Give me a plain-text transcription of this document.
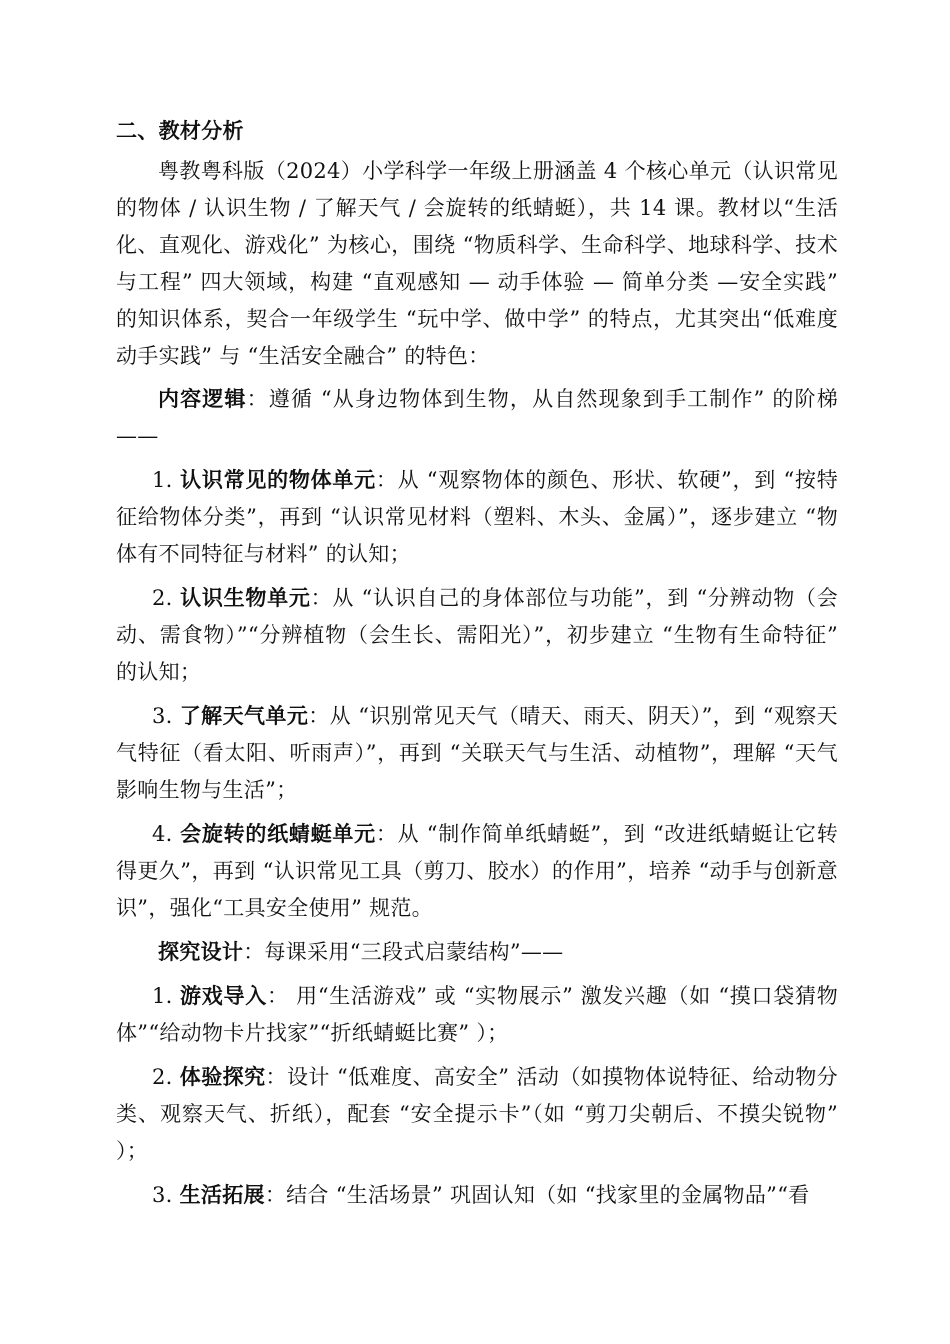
二、教材分析

粤教粤科版（2024）小学科学一年级上册涵盖 4 个核心单元（认识常见的物体 / 认识生物 / 了解天气 / 会旋转的纸蜻蜓），共 14 课。教材以“生活化、直观化、游戏化” 为核心，围绕 “物质科学、生命科学、地球科学、技术与工程” 四大领域，构建 “直观感知 — 动手体验 — 简单分类 —安全实践” 的知识体系，契合一年级学生 “玩中学、做中学” 的特点，尤其突出“低难度动手实践” 与 “生活安全融合” 的特色：

内容逻辑：遵循 “从身边物体到生物，从自然现象到手工制作” 的阶梯——

1. 认识常见的物体单元：从 “观察物体的颜色、形状、软硬”，到 “按特征给物体分类”，再到 “认识常见材料（塑料、木头、金属）”，逐步建立 “物体有不同特征与材料” 的认知；

2. 认识生物单元：从 “认识自己的身体部位与功能”，到 “分辨动物（会动、需食物）”“分辨植物（会生长、需阳光）”，初步建立 “生物有生命特征” 的认知；

3. 了解天气单元：从 “识别常见天气（晴天、雨天、阴天）”，到 “观察天气特征（看太阳、听雨声）”，再到 “关联天气与生活、动植物”，理解 “天气影响生物与生活”；

4. 会旋转的纸蜻蜓单元：从 “制作简单纸蜻蜓”，到 “改进纸蜻蜓让它转得更久”，再到 “认识常见工具（剪刀、胶水）的作用”，培养 “动手与创新意识”，强化“工具安全使用” 规范。

探究设计：每课采用“三段式启蒙结构”——

1. 游戏导入： 用“生活游戏” 或 “实物展示” 激发兴趣（如 “摸口袋猜物体”“给动物卡片找家”“折纸蜻蜓比赛” ）；

2. 体验探究：设计 “低难度、高安全” 活动（如摸物体说特征、给动物分类、观察天气、折纸），配套 “安全提示卡”（如 “剪刀尖朝后、不摸尖锐物” ）；

3. 生活拓展：结合 “生活场景” 巩固认知（如 “找家里的金属物品”“看
